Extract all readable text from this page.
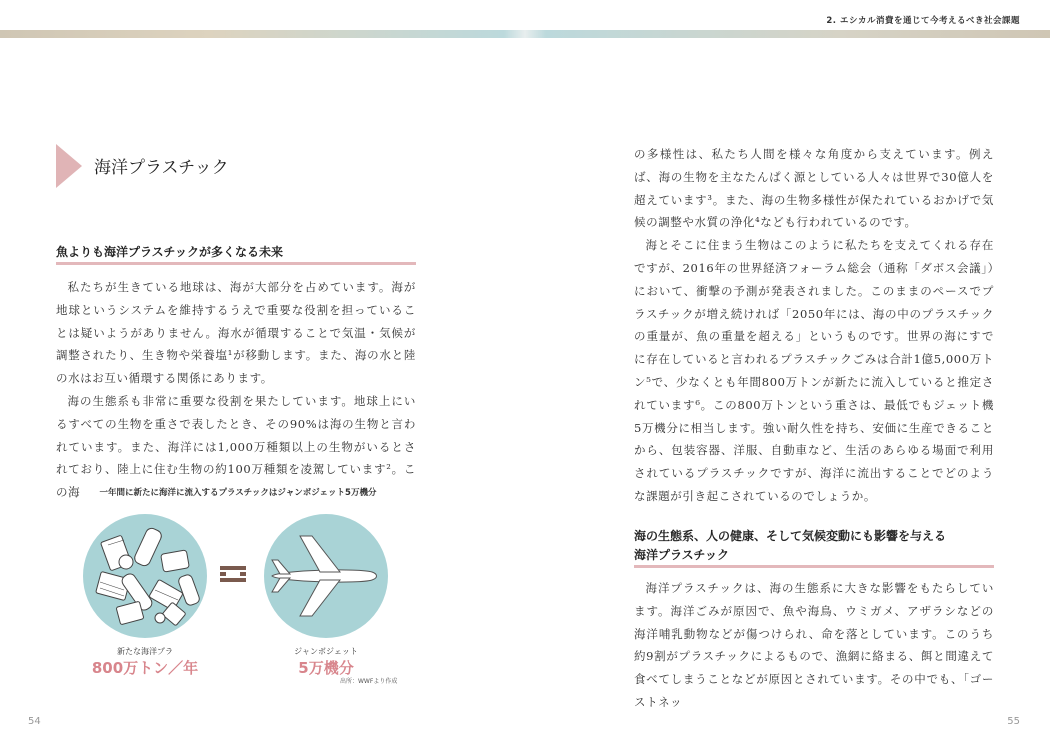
2. エシカル消費を通じて今考えるべき社会課題
海洋プラスチック
魚よりも海洋プラスチックが多くなる未来

私たちが生きている地球は、海が大部分を占めています。海が地球というシステムを維持するうえで重要な役割を担っていることは疑いようがありません。海水が循環することで気温・気候が調整されたり、生き物や栄養塩¹が移動します。また、海の水と陸の水はお互い循環する関係にあります。

海の生態系も非常に重要な役割を果たしています。地球上にいるすべての生物を重さで表したとき、その90%は海の生物と言われています。また、海洋には1,000万種類以上の生物がいるとされており、陸上に住む生物の約100万種類を凌駕しています²。この海	一年間に新たに海洋に流入するプラスチックはジャンボジェット5万機分
新たな海洋プラ
800万トン／年
ジャンボジェット
5万機分
出所：WWFより作成
54

の多様性は、私たち人間を様々な角度から支えています。例えば、海の生物を主なたんぱく源としている人々は世界で30億人を超えています³。また、海の生物多様性が保たれているおかげで気候の調整や水質の浄化⁴なども行われているのです。

海とそこに住まう生物はこのように私たちを支えてくれる存在ですが、2016年の世界経済フォーラム総会（通称「ダボス会議」）において、衝撃の予測が発表されました。このままのペースでプラスチックが増え続ければ「2050年には、海の中のプラスチックの重量が、魚の重量を超える」というものです。世界の海にすでに存在していると言われるプラスチックごみは合計1億5,000万トン⁵で、少なくとも年間800万トンが新たに流入していると推定されています⁶。この800万トンという重さは、最低でもジェット機5万機分に相当します。強い耐久性を持ち、安価に生産できることから、包装容器、洋服、自動車など、生活のあらゆる場面で利用されているプラスチックですが、海洋に流出することでどのような課題が引き起こされているのでしょうか。

海の生態系、人の健康、そして気候変動にも影響を与える
海洋プラスチック

海洋プラスチックは、海の生態系に大きな影響をもたらしています。海洋ごみが原因で、魚や海鳥、ウミガメ、アザラシなどの海洋哺乳動物などが傷つけられ、命を落としています。このうち約9割がプラスチックによるもので、漁網に絡まる、餌と間違えて食べてしまうことなどが原因とされています。その中でも、「ゴーストネッ

55
